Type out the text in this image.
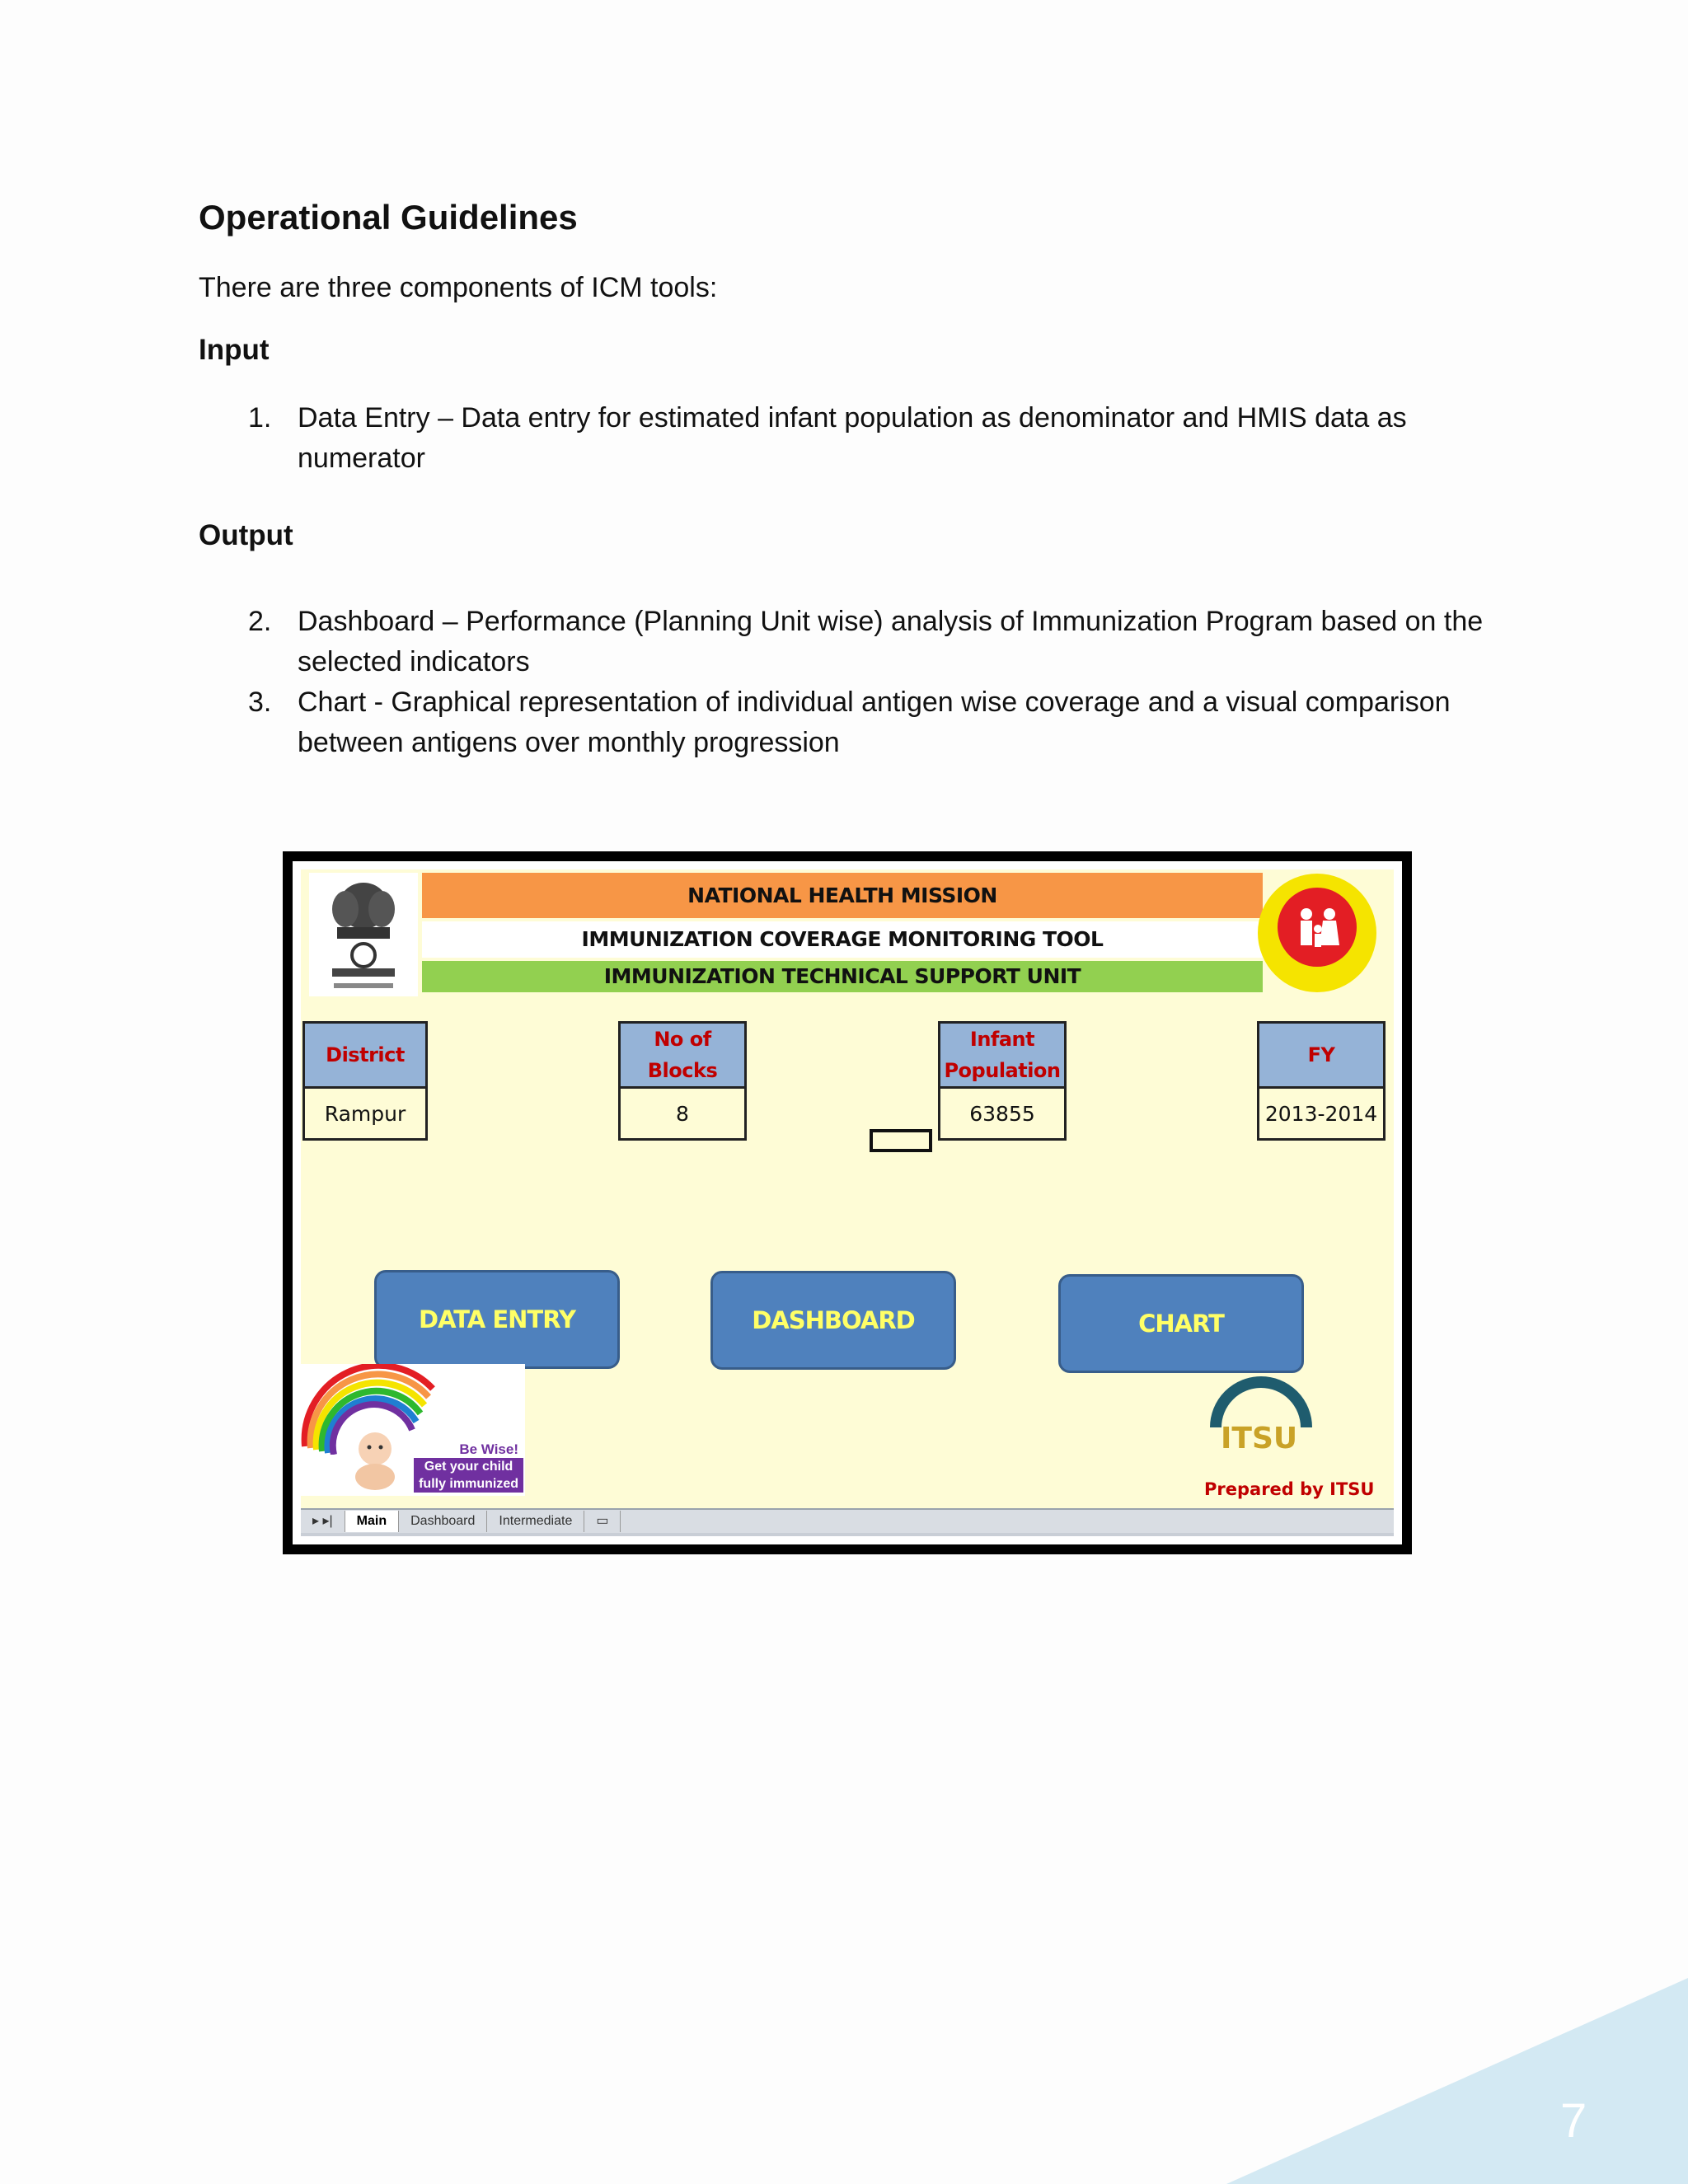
7
Operational Guidelines

There are three components of ICM tools:

Input
1. Data Entry – Data entry for estimated infant population as denominator and HMIS data as numerator
Output
2. Dashboard – Performance (Planning Unit wise) analysis of Immunization Program based on the selected indicators
3. Chart - Graphical representation of individual antigen wise coverage and a visual comparison between antigens over monthly progression
NATIONAL HEALTH MISSION
IMMUNIZATION COVERAGE MONITORING TOOL
IMMUNIZATION TECHNICAL SUPPORT UNIT
District
Rampur
No of Blocks
8
Infant Population
63855
FY
2013-2014
DATA ENTRY	DASHBOARD	CHART
Be Wise!
Get your child
fully immunized
ITSU
Prepared by ITSU
▸ ▸|	Main	Dashboard	Intermediate	▭
